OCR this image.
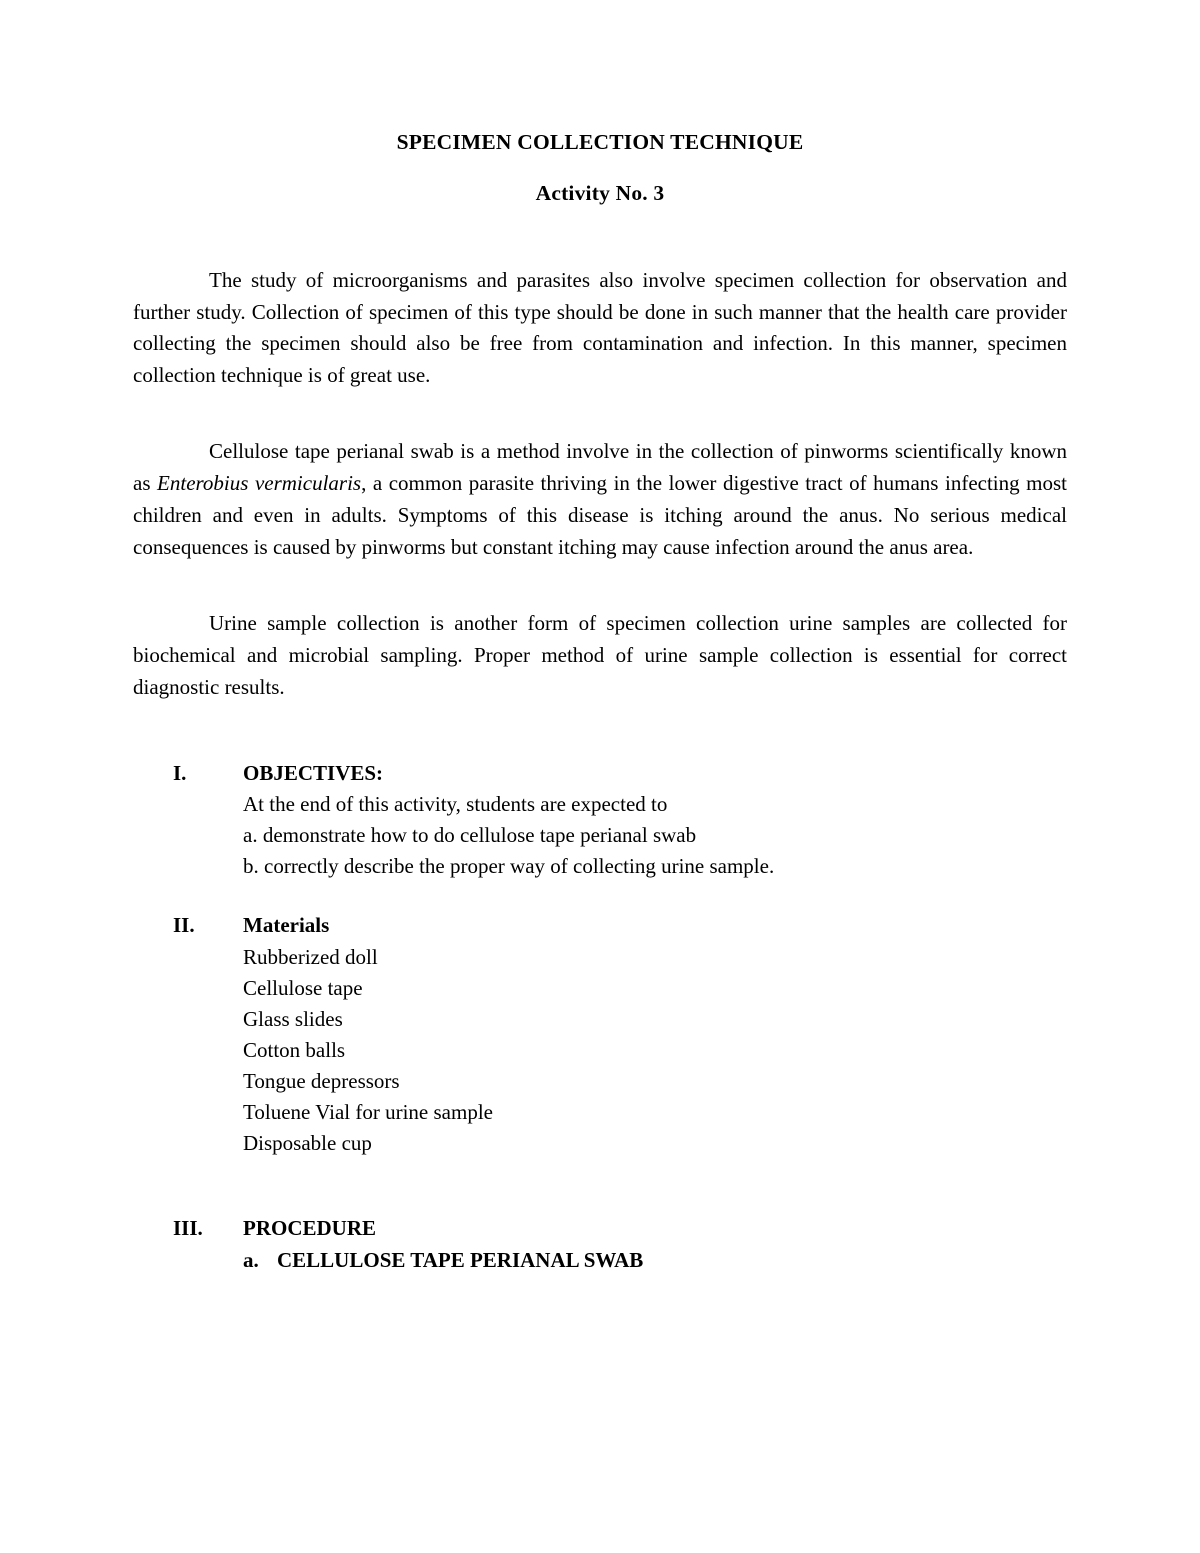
SPECIMEN COLLECTION TECHNIQUE
Activity No. 3

The study of microorganisms and parasites also involve specimen collection for observation and further study. Collection of specimen of this type should be done in such manner that the health care provider collecting the specimen should also be free from contamination and infection. In this manner, specimen collection technique is of great use.

Cellulose tape perianal swab is a method involve in the collection of pinworms scientifically known as Enterobius vermicularis, a common parasite thriving in the lower digestive tract of humans infecting most children and even in adults. Symptoms of this disease is itching around the anus. No serious medical consequences is caused by pinworms but constant itching may cause infection around the anus area.

Urine sample collection is another form of specimen collection urine samples are collected for biochemical and microbial sampling. Proper method of urine sample collection is essential for correct diagnostic results.

I.	OBJECTIVES:
At the end of this activity, students are expected to
a. demonstrate how to do cellulose tape perianal swab
b. correctly describe the proper way of collecting urine sample.
II.	Materials
Rubberized doll
Cellulose tape
Glass slides
Cotton balls
Tongue depressors
Toluene Vial for urine sample
Disposable cup
III.	PROCEDURE
a. CELLULOSE TAPE PERIANAL SWAB
